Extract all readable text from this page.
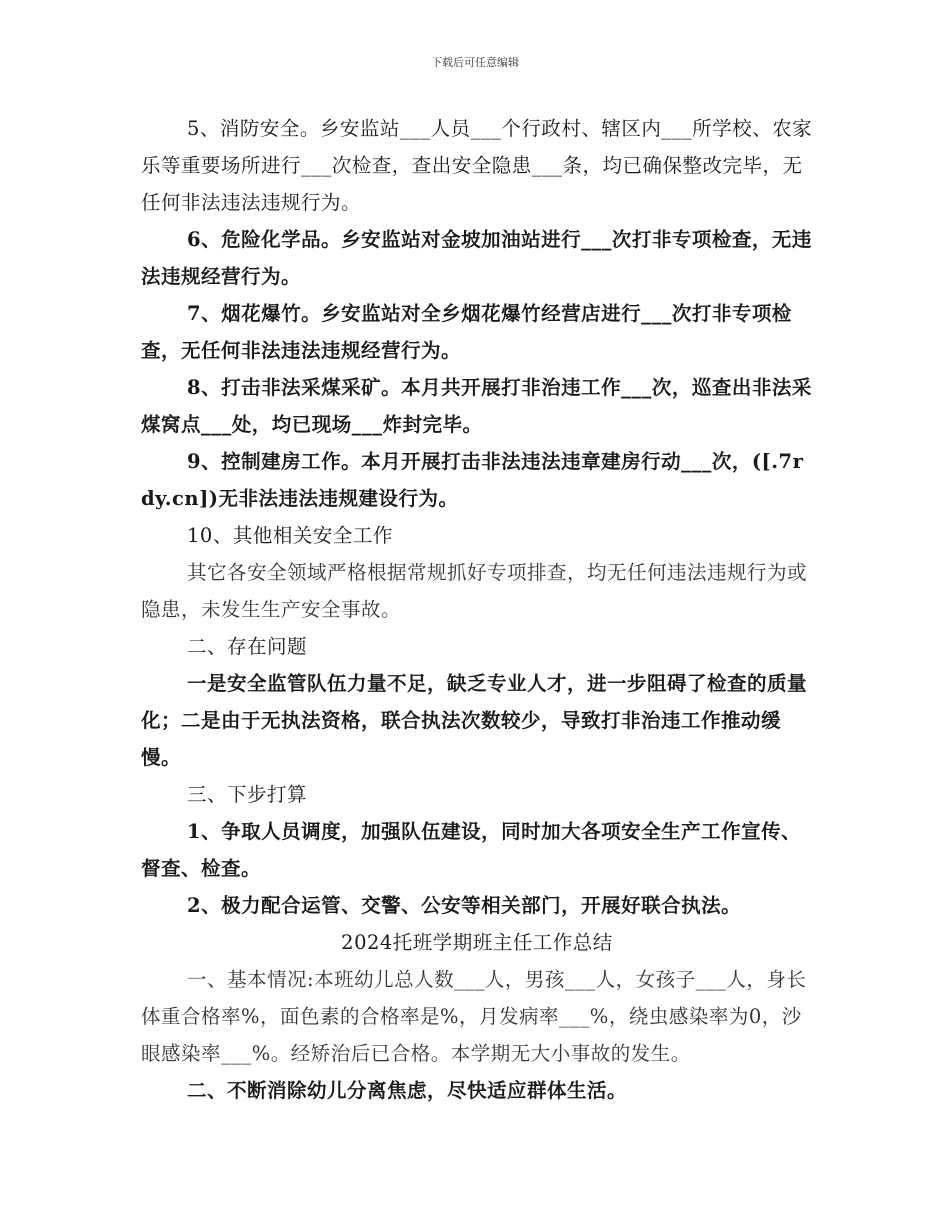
下载后可任意编辑

5、消防安全。乡安监站___人员___个行政村、辖区内___所学校、农家乐等重要场所进行___次检查，查出安全隐患___条，均已确保整改完毕，无任何非法违法违规行为。

6、危险化学品。乡安监站对金坡加油站进行___次打非专项检查，无违法违规经营行为。

7、烟花爆竹。乡安监站对全乡烟花爆竹经营店进行___次打非专项检查，无任何非法违法违规经营行为。

8、打击非法采煤采矿。本月共开展打非治违工作___次，巡查出非法采煤窝点___处，均已现场___炸封完毕。

9、控制建房工作。本月开展打击非法违法违章建房行动___次，([.7rdy.cn])无非法违法违规建设行为。

10、其他相关安全工作

其它各安全领域严格根据常规抓好专项排查，均无任何违法违规行为或隐患，未发生生产安全事故。

二、存在问题

一是安全监管队伍力量不足，缺乏专业人才，进一步阻碍了检查的质量化；二是由于无执法资格，联合执法次数较少，导致打非治违工作推动缓慢。

三、下步打算

1、争取人员调度，加强队伍建设，同时加大各项安全生产工作宣传、督查、检查。

2、极力配合运管、交警、公安等相关部门，开展好联合执法。

2024托班学期班主任工作总结

一、基本情况:本班幼儿总人数___人，男孩___人，女孩子___人，身长体重合格率%，面色素的合格率是%，月发病率___%，绕虫感染率为0，沙眼感染率___%。经矫治后已合格。本学期无大小事故的发生。

二、不断消除幼儿分离焦虑，尽快适应群体生活。
